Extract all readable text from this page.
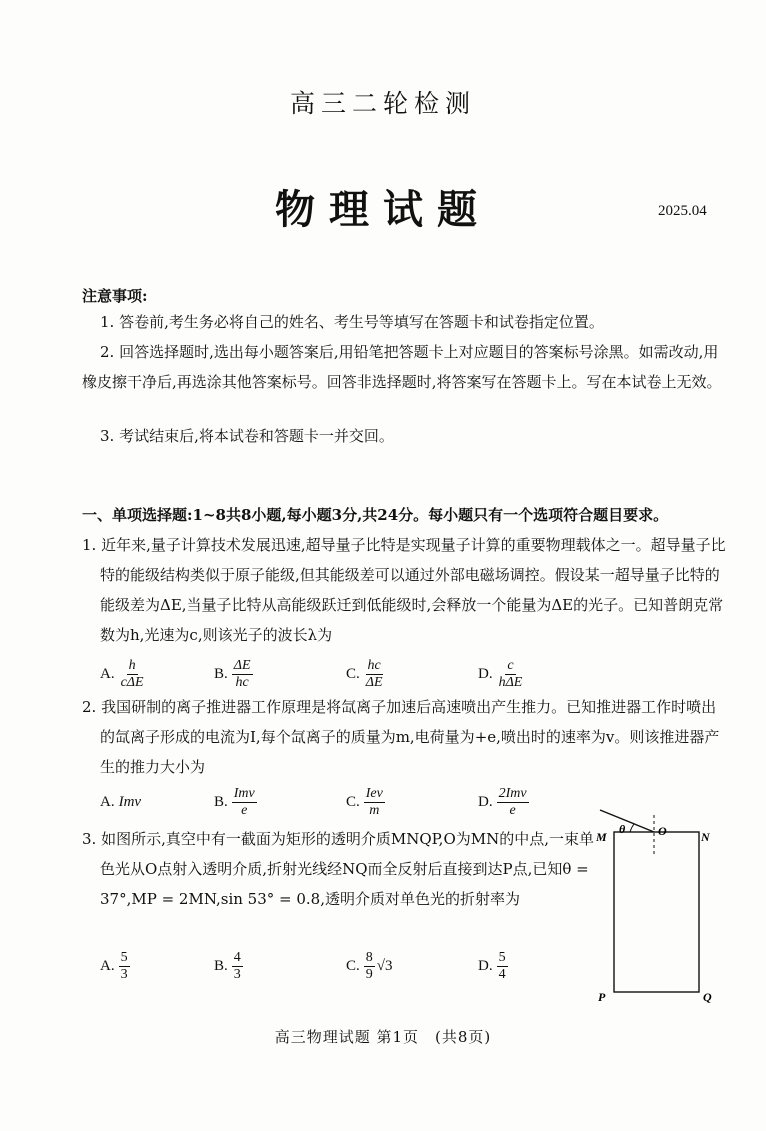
高三二轮检测
物理试题	2025.04
注意事项:
1. 答卷前,考生务必将自己的姓名、考生号等填写在答题卡和试卷指定位置。
2. 回答选择题时,选出每小题答案后,用铅笔把答题卡上对应题目的答案标号涂黑。如需改动,用橡皮擦干净后,再选涂其他答案标号。回答非选择题时,将答案写在答题卡上。写在本试卷上无效。
3. 考试结束后,将本试卷和答题卡一并交回。
一、单项选择题:1~8共8小题,每小题3分,共24分。每小题只有一个选项符合题目要求。
1. 近年来,量子计算技术发展迅速,超导量子比特是实现量子计算的重要物理载体之一。超导量子比特的能级结构类似于原子能级,但其能级差可以通过外部电磁场调控。假设某一超导量子比特的能级差为ΔE,当量子比特从高能级跃迁到低能级时,会释放一个能量为ΔE的光子。已知普朗克常数为h,光速为c,则该光子的波长λ为
A. $\frac{h}{\text{cΔE}}$	B. $\frac{\Delta E}{hc}$	C. $\frac{hc}{\Delta E}$	D. $\frac{c}{\text{hΔE}}$
2. 我国研制的离子推进器工作原理是将氙离子加速后高速喷出产生推力。已知推进器工作时喷出的氙离子形成的电流为I,每个氙离子的质量为m,电荷量为+e,喷出时的速率为v。则该推进器产生的推力大小为
A. Imv	B. $\frac{\text{Imv}}{e}$	C. $\frac{\text{Iev}}{m}$	D. $\frac{\text{2Imv}}{e}$
3. 如图所示,真空中有一截面为矩形的透明介质MNQP,O为MN的中点,一束单色光从O点射入透明介质,折射光线经NQ而全反射后直接到达P点,已知θ = 37°,MP = 2MN,sin 53° = 0.8,透明介质对单色光的折射率为
A. $\frac{5}{3}$	B. $\frac{4}{3}$	C. $\frac{8}{9} √3$	D. $\frac{5}{4}$
M
θ	O	N
P	Q
高三物理试题 第1页　(共8页)
